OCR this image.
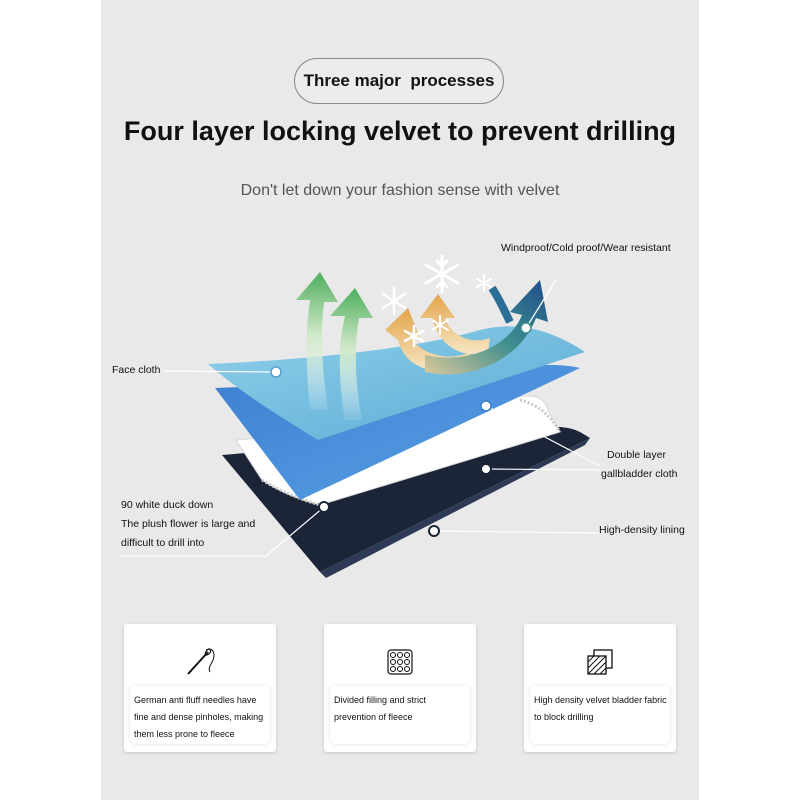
Three major  processes
Four layer locking velvet to prevent drilling
Don't let down your fashion sense with velvet
Windproof/Cold proof/Wear resistant
Face cloth
Double layer
gallbladder cloth
90 white duck down
The plush flower is large and
difficult to drill into
High-density lining
German anti fluff needles have fine and dense pinholes, making them less prone to fleece
Divided filling and strict prevention of fleece
High density velvet bladder fabric to block drilling
